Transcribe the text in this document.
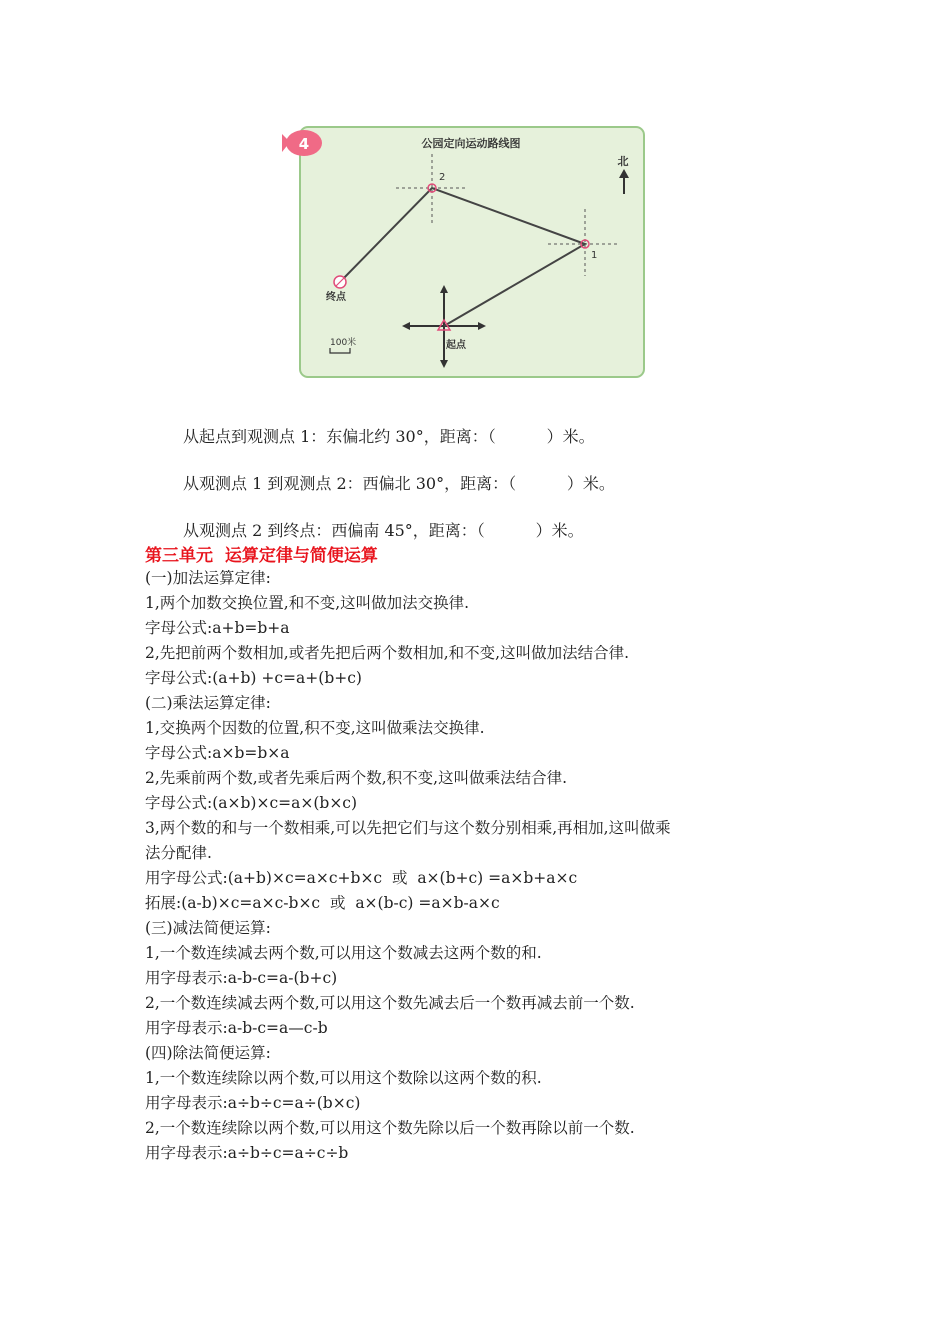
4	公园定向运动路线图
北
2
1
终点
起点
100米
从起点到观测点 1：东偏北约 30°，距离：（          ）米。
从观测点 1 到观测点 2：西偏北 30°，距离：（          ）米。
从观测点 2 到终点：西偏南 45°，距离：（          ）米。
第三单元  运算定律与简便运算
(一)加法运算定律:
1,两个加数交换位置,和不变,这叫做加法交换律.
字母公式:a+b=b+a
2,先把前两个数相加,或者先把后两个数相加,和不变,这叫做加法结合律.
字母公式:(a+b) +c=a+(b+c)
(二)乘法运算定律:
1,交换两个因数的位置,积不变,这叫做乘法交换律.
字母公式:a×b=b×a
2,先乘前两个数,或者先乘后两个数,积不变,这叫做乘法结合律.
字母公式:(a×b)×c=a×(b×c)
3,两个数的和与一个数相乘,可以先把它们与这个数分别相乘,再相加,这叫做乘
法分配律.
用字母公式:(a+b)×c=a×c+b×c  或  a×(b+c) =a×b+a×c
拓展:(a-b)×c=a×c-b×c  或  a×(b-c) =a×b-a×c
(三)减法简便运算:
1,一个数连续减去两个数,可以用这个数减去这两个数的和.
用字母表示:a-b-c=a-(b+c)
2,一个数连续减去两个数,可以用这个数先减去后一个数再减去前一个数.
用字母表示:a-b-c=a—c-b
(四)除法简便运算:
1,一个数连续除以两个数,可以用这个数除以这两个数的积.
用字母表示:a÷b÷c=a÷(b×c)
2,一个数连续除以两个数,可以用这个数先除以后一个数再除以前一个数.
用字母表示:a÷b÷c=a÷c÷b
